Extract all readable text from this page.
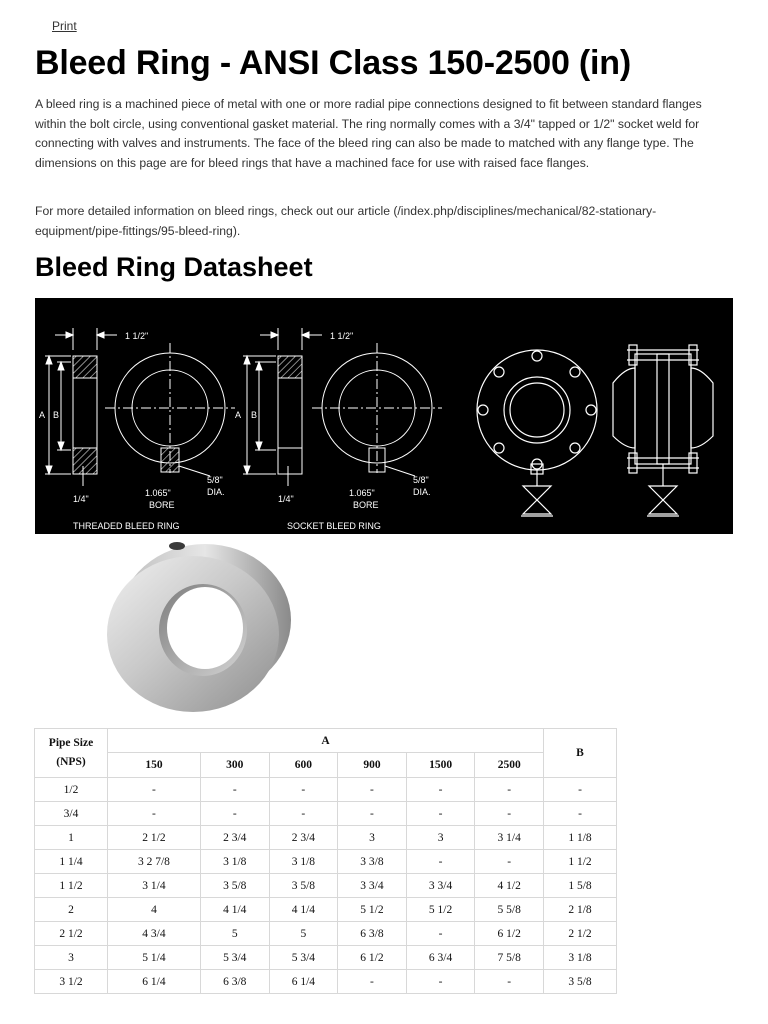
Print
Bleed Ring - ANSI Class 150-2500 (in)

A bleed ring is a machined piece of metal with one or more radial pipe connections designed to fit between standard flanges within the bolt circle, using conventional gasket material. The ring normally comes with a 3/4" tapped or 1/2" socket weld for connecting with valves and instruments. The face of the bleed ring can also be made to matched with any flange type. The dimensions on this page are for bleed rings that have a machined face for use with raised face flanges.

For more detailed information on bleed rings, check out our article (/index.php/disciplines/mechanical/82-stationary-equipment/pipe-fittings/95-bleed-ring).

Bleed Ring Datasheet
1 1/2"
A B
1/4"
1.065"
BORE
5/8"
DIA.
THREADED BLEED RING
1 1/2"
A B
1/4"
1.065"
BORE
5/8"
DIA.
SOCKET BLEED RING
Pipe Size
(NPS)	A						B
	150	300	600	900	1500	2500	
1/2	-	-	-	-	-	-	-
3/4	-	-	-	-	-	-	-
1	2 1/2	2 3/4	2 3/4	3	3	3 1/4	1 1/8
1 1/4	3 2 7/8	3 1/8	3 1/8	3 3/8	-	-	1 1/2
1 1/2	3 1/4	3 5/8	3 5/8	3 3/4	3 3/4	4 1/2	1 5/8
2	4	4 1/4	4 1/4	5 1/2	5 1/2	5 5/8	2 1/8
2 1/2	4 3/4	5	5	6 3/8	-	6 1/2	2 1/2
3	5 1/4	5 3/4	5 3/4	6 1/2	6 3/4	7 5/8	3 1/8
3 1/2	6 1/4	6 3/8	6 1/4	-	-	-	3 5/8
